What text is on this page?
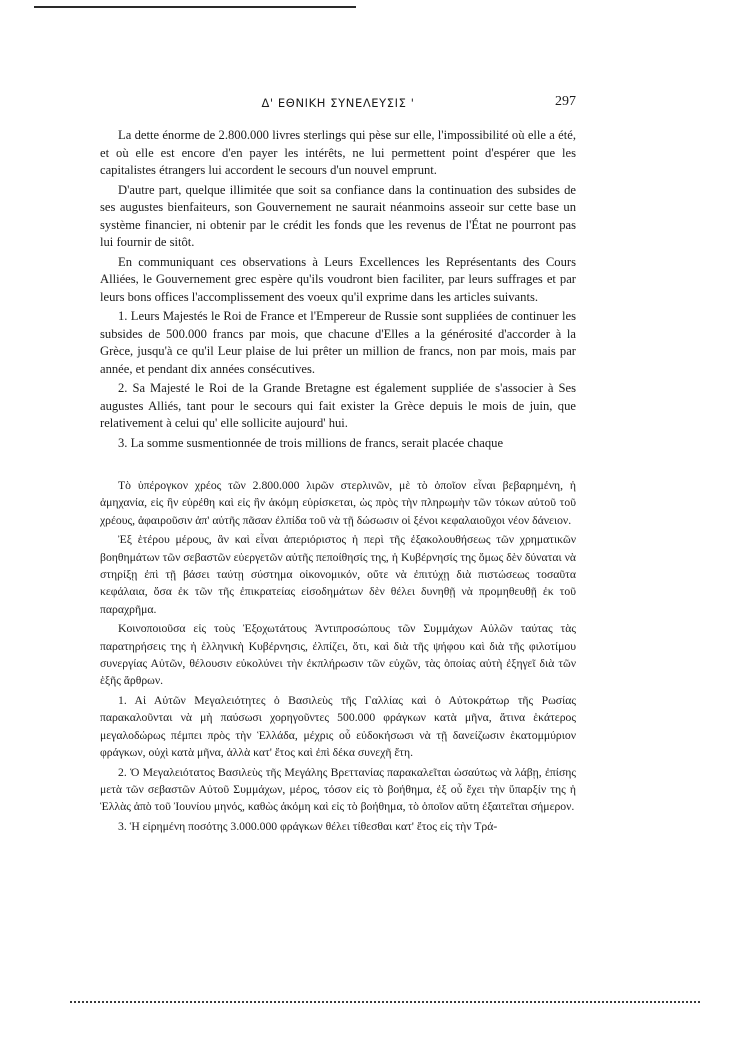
Δ' ΕΘΝΙΚΗ ΣΥΝΕΛΕΥΣΙΣ '	297

La dette énorme de 2.800.000 livres sterlings qui pèse sur elle, l'impossibilité où elle a été, et où elle est encore d'en payer les intérêts, ne lui permettent point d'espérer que les capitalistes étrangers lui accordent le secours d'un nouvel emprunt.

D'autre part, quelque illimitée que soit sa confiance dans la continuation des subsides de ses augustes bienfaiteurs, son Gouvernement ne saurait néanmoins asseoir sur cette base un système financier, ni obtenir par le crédit les fonds que les revenus de l'État ne pourront pas lui fournir de sitôt.

En communiquant ces observations à Leurs Excellences les Représentants des Cours Alliées, le Gouvernement grec espère qu'ils voudront bien faciliter, par leurs suffrages et par leurs bons offices l'accomplissement des voeux qu'il exprime dans les articles suivants.

1. Leurs Majestés le Roi de France et l'Empereur de Russie sont suppliées de continuer les subsides de 500.000 francs par mois, que chacune d'Elles a la générosité d'accorder à la Grèce, jusqu'à ce qu'il Leur plaise de lui prêter un million de francs, non par mois, mais par année, et pendant dix années consécutives.

2. Sa Majesté le Roi de la Grande Bretagne est également suppliée de s'associer à Ses augustes Alliés, tant pour le secours qui fait exister la Grèce depuis le mois de juin, que relativement à celui qu' elle sollicite aujourd' hui.

3. La somme susmentionnée de trois millions de francs, serait placée chaque

Τὸ ὑπέρογκον χρέος τῶν 2.800.000 λιρῶν στερλινῶν, μὲ τὸ ὁποῖον εἶναι βεβαρημένη, ἡ ἀμηχανία, εἰς ἣν εὑρέθη καὶ εἰς ἣν ἀκόμη εὑρίσκεται, ὡς πρὸς τὴν πληρωμὴν τῶν τόκων αὐτοῦ τοῦ χρέους, ἀφαιροῦσιν ἀπ' αὐτῆς πᾶσαν ἐλπίδα τοῦ νὰ τῇ δώσωσιν οἱ ξένοι κεφαλαιοῦχοι νέον δάνειον.

Ἐξ ἑτέρου μέρους, ἂν καὶ εἶναι ἀπεριόριστος ἡ περὶ τῆς ἐξακολουθήσεως τῶν χρηματικῶν βοηθημάτων τῶν σεβαστῶν εὐεργετῶν αὐτῆς πεποίθησίς της, ἡ Κυβέρνησίς της ὅμως δὲν δύναται νὰ στηρίξῃ ἐπὶ τῇ βάσει ταύτῃ σύστημα οἰκονομικόν, οὔτε νὰ ἐπιτύχῃ διὰ πιστώσεως τοσαῦτα κεφάλαια, ὅσα ἐκ τῶν τῆς ἐπικρατείας εἰσοδημάτων δὲν θέλει δυνηθῇ νὰ προμηθευθῇ ἐκ τοῦ παραχρῆμα.

Κοινοποιοῦσα εἰς τοὺς Ἐξοχωτάτους Ἀντιπροσώπους τῶν Συμμάχων Αὐλῶν ταύτας τὰς παρατηρήσεις της ἡ ἑλληνικὴ Κυβέρνησις, ἐλπίζει, ὅτι, καὶ διὰ τῆς ψήφου καὶ διὰ τῆς φιλοτίμου συνεργίας Αὐτῶν, θέλουσιν εὐκολύνει τὴν ἐκπλήρωσιν τῶν εὐχῶν, τὰς ὁποίας αὐτὴ ἐξηγεῖ διὰ τῶν ἑξῆς ἄρθρων.

1. Αἱ Αὐτῶν Μεγαλειότητες ὁ Βασιλεὺς τῆς Γαλλίας καὶ ὁ Αὐτοκράτωρ τῆς Ρωσίας παρακαλοῦνται νὰ μὴ παύσωσι χορηγοῦντες 500.000 φράγκων κατὰ μῆνα, ἅτινα ἑκάτερος μεγαλοδώρως πέμπει πρὸς τὴν Ἑλλάδα, μέχρις οὗ εὐδοκήσωσι νὰ τῇ δανείζωσιν ἑκατομμύριον φράγκων, οὐχὶ κατὰ μῆνα, ἀλλὰ κατ' ἔτος καὶ ἐπὶ δέκα συνεχῆ ἔτη.

2. Ὁ Μεγαλειότατος Βασιλεὺς τῆς Μεγάλης Βρεττανίας παρακαλεῖται ὡσαύτως νὰ λάβῃ, ἐπίσης μετὰ τῶν σεβαστῶν Αὐτοῦ Συμμάχων, μέρος, τόσον εἰς τὸ βοήθημα, ἐξ οὗ ἔχει τὴν ὕπαρξίν της ἡ Ἑλλὰς ἀπὸ τοῦ Ἰουνίου μηνός, καθὼς ἀκόμη καὶ εἰς τὸ βοήθημα, τὸ ὁποῖον αὕτη ἐξαιτεῖται σήμερον.

3. Ἡ εἰρημένη ποσότης 3.000.000 φράγκων θέλει τίθεσθαι κατ' ἔτος εἰς τὴν Τρά-
